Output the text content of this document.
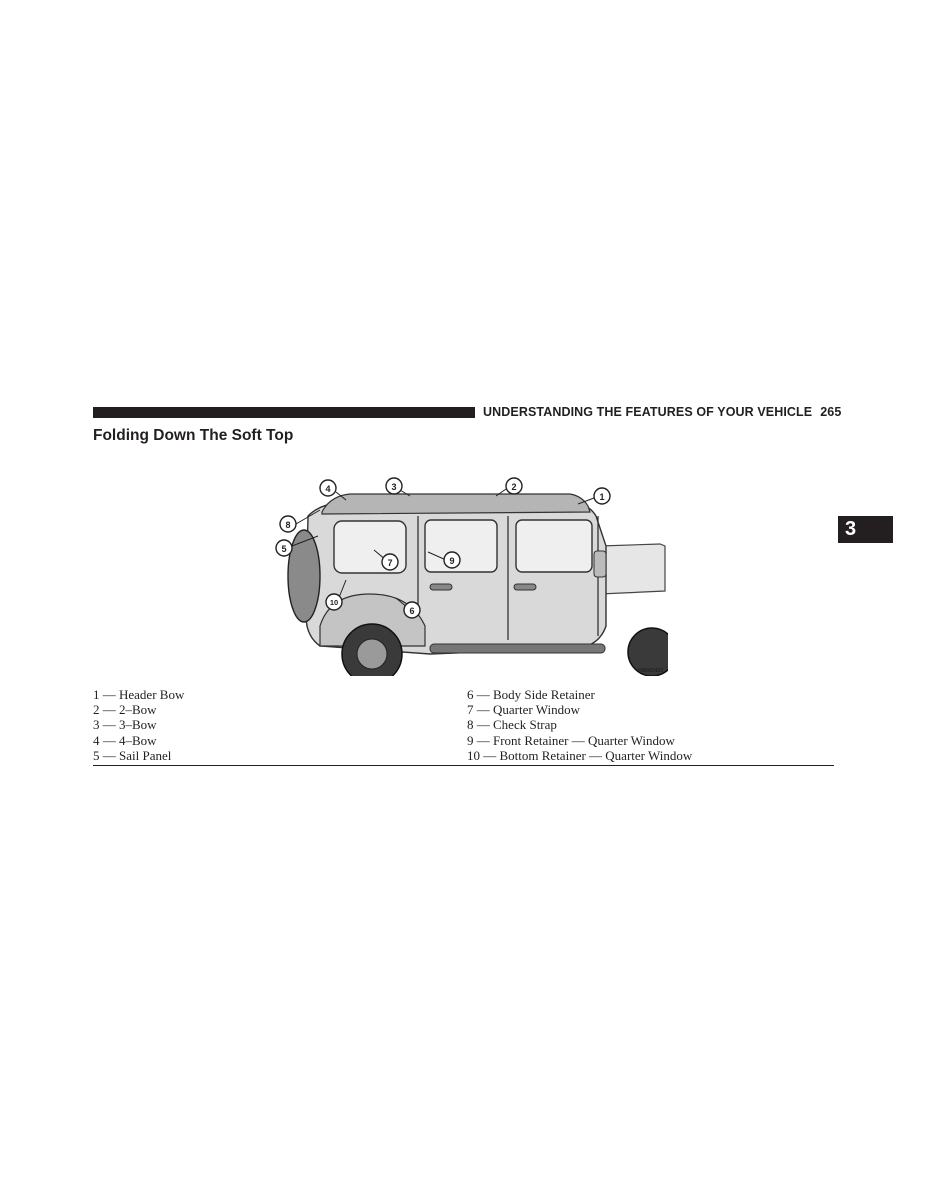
UNDERSTANDING THE FEATURES OF YOUR VEHICLE 265
Folding Down The Soft Top
3
1
2
3
4
5
6
7
8
9
10
036007423
1 — Header Bow
2 — 2–Bow
3 — 3–Bow
4 — 4–Bow
5 — Sail Panel
6 — Body Side Retainer
7 — Quarter Window
8 — Check Strap
9 — Front Retainer — Quarter Window
10 — Bottom Retainer — Quarter Window
